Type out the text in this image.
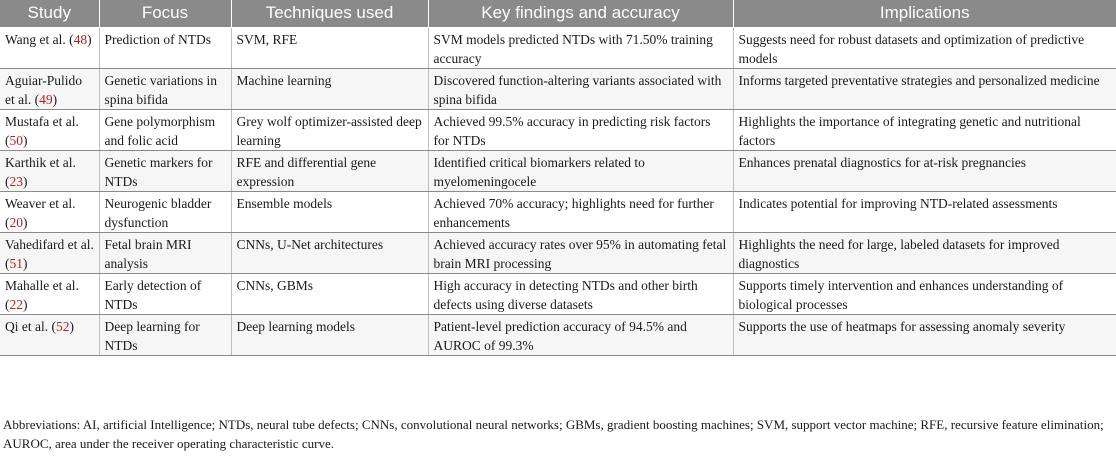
Study	Focus	Techniques used	Key findings and accuracy	Implications
Wang et al. (48)	Prediction of NTDs	SVM, RFE	SVM models predicted NTDs with 71.50% training accuracy	Suggests need for robust datasets and optimization of predictive models
Aguiar-Pulido et al. (49)	Genetic variations in spina bifida	Machine learning	Discovered function-altering variants associated with spina bifida	Informs targeted preventative strategies and personalized medicine
Mustafa et al. (50)	Gene polymorphism and folic acid	Grey wolf optimizer-assisted deep learning	Achieved 99.5% accuracy in predicting risk factors for NTDs	Highlights the importance of integrating genetic and nutritional factors
Karthik et al. (23)	Genetic markers for NTDs	RFE and differential gene expression	Identified critical biomarkers related to myelomeningocele	Enhances prenatal diagnostics for at-risk pregnancies
Weaver et al. (20)	Neurogenic bladder dysfunction	Ensemble models	Achieved 70% accuracy; highlights need for further enhancements	Indicates potential for improving NTD-related assessments
Vahedifard et al. (51)	Fetal brain MRI analysis	CNNs, U-Net architectures	Achieved accuracy rates over 95% in automating fetal brain MRI processing	Highlights the need for large, labeled datasets for improved diagnostics
Mahalle et al. (22)	Early detection of NTDs	CNNs, GBMs	High accuracy in detecting NTDs and other birth defects using diverse datasets	Supports timely intervention and enhances understanding of biological processes
Qi et al. (52)	Deep learning for NTDs	Deep learning models	Patient-level prediction accuracy of 94.5% and AUROC of 99.3%	Supports the use of heatmaps for assessing anomaly severity
Abbreviations: AI, artificial Intelligence; NTDs, neural tube defects; CNNs, convolutional neural networks; GBMs, gradient boosting machines; SVM, support vector machine; RFE, recursive feature elimination; AUROC, area under the receiver operating characteristic curve.
